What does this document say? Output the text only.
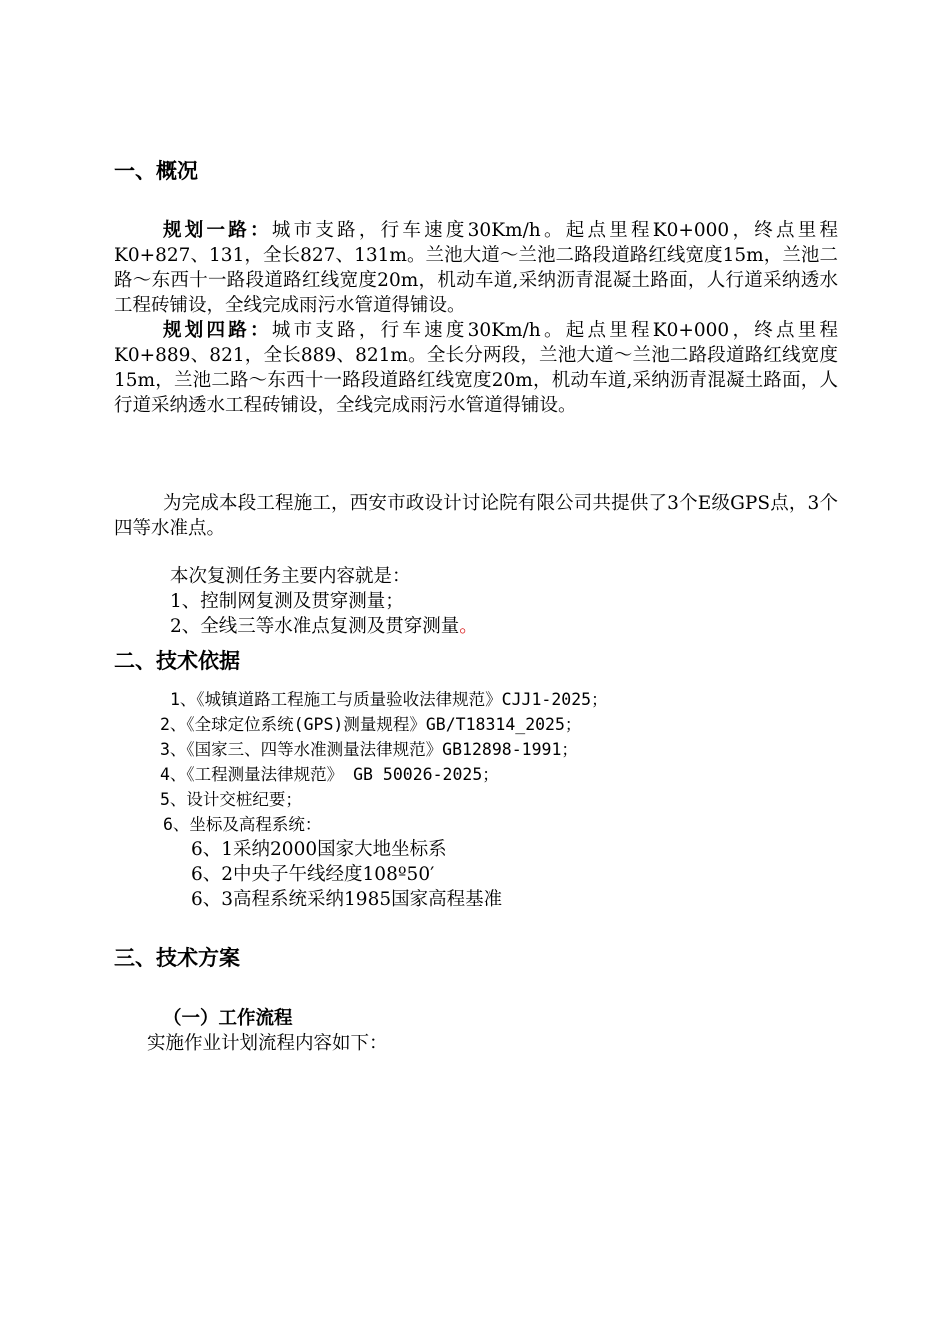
一、概况

规划一路：城市支路，行车速度30Km/h。起点里程K0+000，终点里程K0+827、131，全长827、131m。兰池大道～兰池二路段道路红线宽度15m，兰池二路～东西十一路段道路红线宽度20m，机动车道,采纳沥青混凝土路面，人行道采纳透水工程砖铺设，全线完成雨污水管道得铺设。

规划四路：城市支路，行车速度30Km/h。起点里程K0+000，终点里程K0+889、821，全长889、821m。全长分两段，兰池大道～兰池二路段道路红线宽度15m，兰池二路～东西十一路段道路红线宽度20m，机动车道,采纳沥青混凝土路面，人行道采纳透水工程砖铺设，全线完成雨污水管道得铺设。

为完成本段工程施工，西安市政设计讨论院有限公司共提供了3个E级GPS点，3个四等水准点。

本次复测任务主要内容就是：
1、控制网复测及贯穿测量；
2、全线三等水准点复测及贯穿测量。
二、技术依据
1、《城镇道路工程施工与质量验收法律规范》CJJ1-2025；
2、《全球定位系统(GPS)测量规程》GB/T18314_2025；
3、《国家三、四等水准测量法律规范》GB12898-1991；
4、《工程测量法律规范》 GB 50026-2025；
5、设计交桩纪要；
6、坐标及高程系统：
6、1采纳2000国家大地坐标系
6、2中央子午线经度108º50′
6、3高程系统采纳1985国家高程基准
三、技术方案
（一）工作流程
实施作业计划流程内容如下：
